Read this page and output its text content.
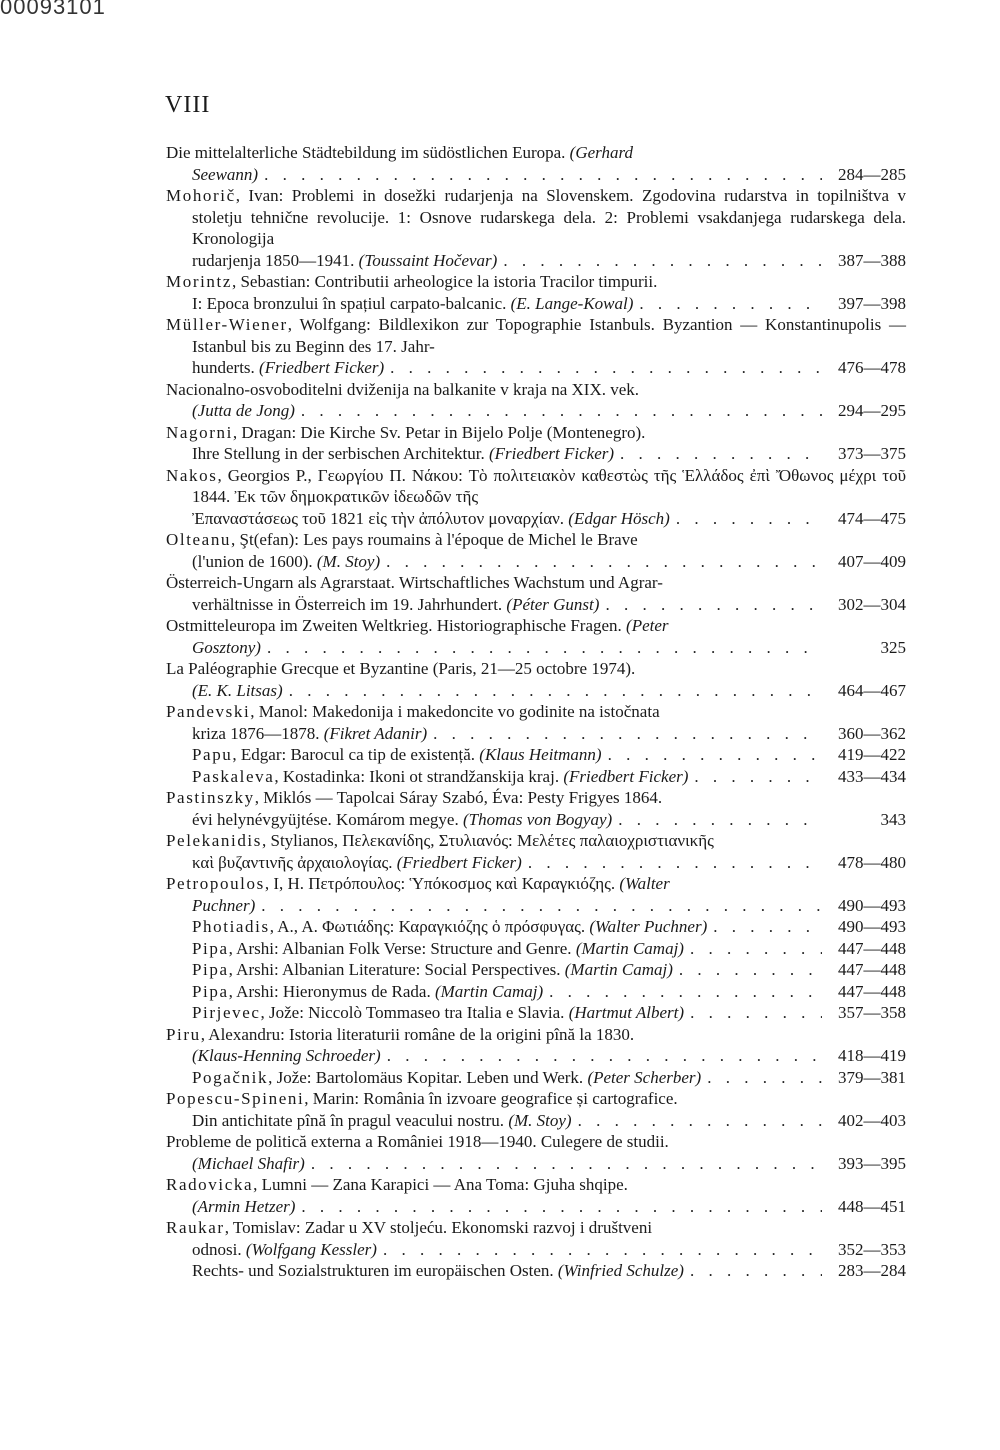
00093101
VIII
Die mittelalterliche Städtebildung im südöstlichen Europa. (Gerhard
Seewann) . . .	284—285
Mohorič, Ivan: Problemi in dosežki rudarjenja na Slovenskem. Zgodovina rudarstva in topilništva v stoletju tehnične revolucije. 1: Osnove rudarskega dela. 2: Problemi vsakdanjega rudarskega dela. Kronologija
rudarjenja 1850—1941. (Toussaint Hočevar) . . .	387—388
Morintz, Sebastian: Contributii arheologice la istoria Tracilor timpurii.
I: Epoca bronzului în spațiul carpato-balcanic. (E. Lange-Kowal) . . .	397—398
Müller-Wiener, Wolfgang: Bildlexikon zur Topographie Istanbuls. Byzantion — Konstantinupolis — Istanbul bis zu Beginn des 17. Jahr-
hunderts. (Friedbert Ficker) . . .	476—478
Nacionalno-osvoboditelni dviženija na balkanite v kraja na XIX. vek.
(Jutta de Jong) . . .	294—295
Nagorni, Dragan: Die Kirche Sv. Petar in Bijelo Polje (Montenegro).
Ihre Stellung in der serbischen Architektur. (Friedbert Ficker) . . .	373—375
Nakos, Georgios P., Γεωργίου Π. Νάκου: Τὸ πολιτειακὸν καθεστὼς τῆς Ἑλλάδος ἐπὶ Ὄθωνος μέχρι τοῦ 1844. Ἐκ τῶν δημοκρατικῶν ἰδεωδῶν τῆς
Ἐπαναστάσεως τοῦ 1821 εἰς τὴν ἀπόλυτον μοναρχίαν. (Edgar Hösch) . . .	474—475
Olteanu, Şt(efan): Les pays roumains à l'époque de Michel le Brave
(l'union de 1600). (M. Stoy) . . .	407—409
Österreich-Ungarn als Agrarstaat. Wirtschaftliches Wachstum und Agrar-
verhältnisse in Österreich im 19. Jahrhundert. (Péter Gunst) . . .	302—304
Ostmitteleuropa im Zweiten Weltkrieg. Historiographische Fragen. (Peter
Gosztony) . . .	325
La Paléographie Grecque et Byzantine (Paris, 21—25 octobre 1974).
(E. K. Litsas) . . .	464—467
Pandevski, Manol: Makedonija i makedoncite vo godinite na istočnata
kriza 1876—1878. (Fikret Adanir) . . .	360—362
Papu, Edgar: Barocul ca tip de existență. (Klaus Heitmann) . . .	419—422
Paskaleva, Kostadinka: Ikoni ot strandžanskija kraj. (Friedbert Ficker) . . .	433—434
Pastinszky, Miklós — Tapolcai Sáray Szabó, Éva: Pesty Frigyes 1864.
évi helynévgyüjtése. Komárom megye. (Thomas von Bogyay) . . .	343
Pelekanidis, Stylianos, Πελεκανίδης, Στυλιανός: Μελέτες παλαιοχριστιανικῆς
καὶ βυζαντινῆς ἀρχαιολογίας. (Friedbert Ficker) . . .	478—480
Petropoulos, I, H. Πετρόπουλος: Ὑπόκοσμος καὶ Καραγκιόζης. (Walter
Puchner) . . .	490—493
Photiadis, A., A. Φωτιάδης: Καραγκιόζης ὁ πρόσφυγας. (Walter Puchner) . . .	490—493
Pipa, Arshi: Albanian Folk Verse: Structure and Genre. (Martin Camaj) . . .	447—448
Pipa, Arshi: Albanian Literature: Social Perspectives. (Martin Camaj) . . .	447—448
Pipa, Arshi: Hieronymus de Rada. (Martin Camaj) . . .	447—448
Pirjevec, Jože: Niccolò Tommaseo tra Italia e Slavia. (Hartmut Albert) . . .	357—358
Piru, Alexandru: Istoria literaturii române de la origini pînă la 1830.
(Klaus-Henning Schroeder) . . .	418—419
Pogačnik, Jože: Bartolomäus Kopitar. Leben und Werk. (Peter Scherber) . . .	379—381
Popescu-Spineni, Marin: România în izvoare geografice și cartografice.
Din antichitate pînă în pragul veacului nostru. (M. Stoy) . . .	402—403
Probleme de politică externa a României 1918—1940. Culegere de studii.
(Michael Shafir) . . .	393—395
Radovicka, Lumni — Zana Karapici — Ana Toma: Gjuha shqipe.
(Armin Hetzer) . . .	448—451
Raukar, Tomislav: Zadar u XV stoljeću. Ekonomski razvoj i društveni
odnosi. (Wolfgang Kessler) . . .	352—353
Rechts- und Sozialstrukturen im europäischen Osten. (Winfried Schulze) . . .	283—284
